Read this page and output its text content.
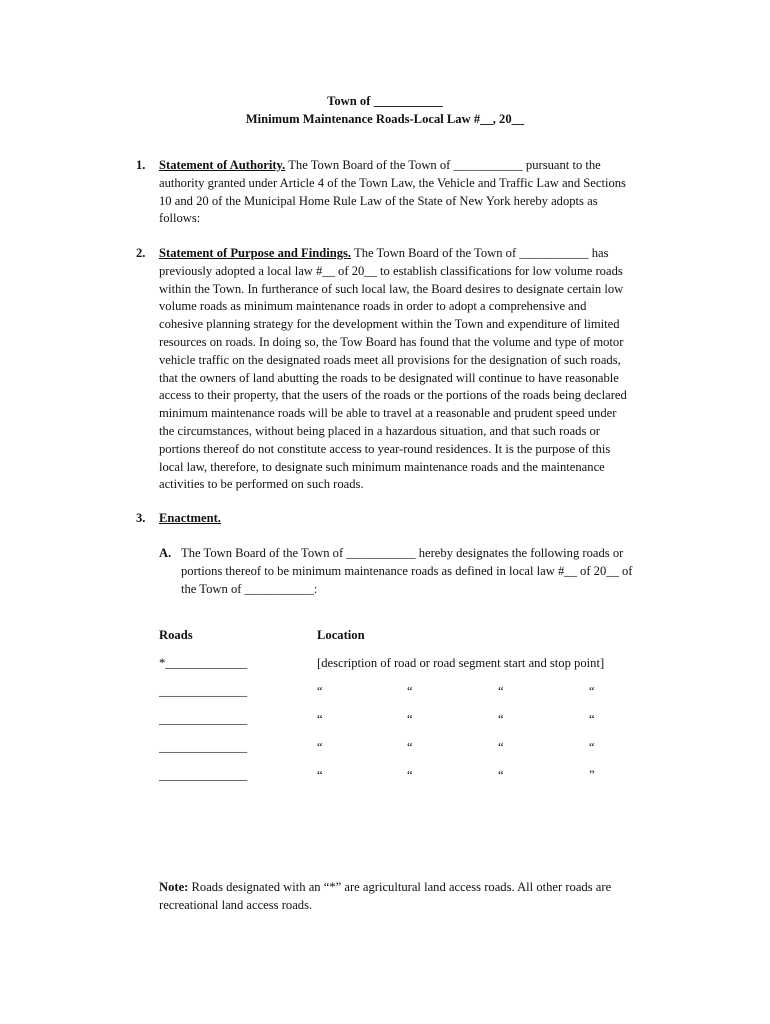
Town of ___________
Minimum Maintenance Roads-Local Law #__, 20__
1. Statement of Authority. The Town Board of the Town of ___________ pursuant to the

authority granted under Article 4 of the Town Law, the Vehicle and Traffic Law and Sections

10 and 20 of the Municipal Home Rule Law of the State of New York hereby adopts as

follows:

2. Statement of Purpose and Findings. The Town Board of the Town of ___________ has

previously adopted a local law #__ of 20__ to establish classifications for low volume roads

within the Town. In furtherance of such local law, the Board desires to designate certain low

volume roads as minimum maintenance roads in order to adopt a comprehensive and

cohesive planning strategy for the development within the Town and expenditure of limited

resources on roads. In doing so, the Tow Board has found that the volume and type of motor

vehicle traffic on the designated roads meet all provisions for the designation of such roads,

that the owners of land abutting the roads to be designated will continue to have reasonable

access to their property, that the users of the roads or the portions of the roads being declared

minimum maintenance roads will be able to travel at a reasonable and prudent speed under

the circumstances, without being placed in a hazardous situation, and that such roads or

portions thereof do not constitute access to year-round residences. It is the purpose of this

local law, therefore, to designate such minimum maintenance roads and the maintenance

activities to be performed on such roads.

3. Enactment.
A. The Town Board of the Town of ___________ hereby designates the following roads or
portions thereof to be minimum maintenance roads as defined in local law #__ of 20__ of
the Town of ___________:
Roads	Location
*_____________	[description of road or road segment start and stop point]
______________	“	“	“	“
______________	“	“	“	“
______________	“	“	“	“
______________	“	“	“	”
Note: Roads designated with an “*” are agricultural land access roads. All other roads are
recreational land access roads.
